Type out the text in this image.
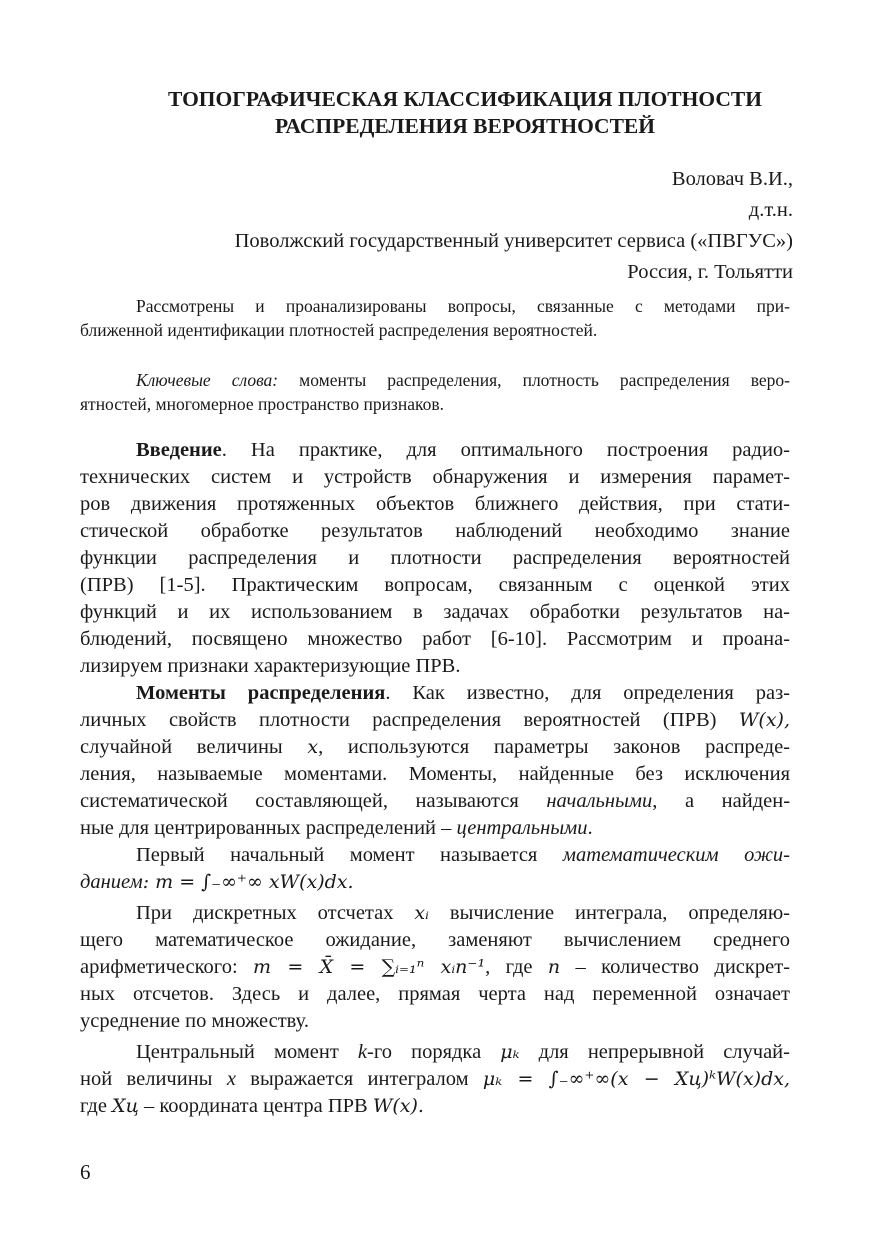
ТОПОГРАФИЧЕСКАЯ КЛАССИФИКАЦИЯ ПЛОТНОСТИ
РАСПРЕДЕЛЕНИЯ ВЕРОЯТНОСТЕЙ
Воловач В.И.,
д.т.н.
Поволжский государственный университет сервиса («ПВГУС»)
Россия, г. Тольятти
Рассмотрены и проанализированы вопросы, связанные с методами при-
ближенной идентификации плотностей распределения вероятностей.
Ключевые слова: моменты распределения, плотность распределения веро-
ятностей, многомерное пространство признаков.
Введение. На практике, для оптимального построения радио-
технических систем и устройств обнаружения и измерения парамет-
ров движения протяженных объектов ближнего действия, при стати-
стической обработке результатов наблюдений необходимо знание
функции распределения и плотности распределения вероятностей
(ПРВ) [1-5]. Практическим вопросам, связанным с оценкой этих
функций и их использованием в задачах обработки результатов на-
блюдений, посвящено множество работ [6-10]. Рассмотрим и проана-
лизируем признаки характеризующие ПРВ.
Моменты распределения. Как известно, для определения раз-
личных свойств плотности распределения вероятностей (ПРВ) W(x),
случайной величины x, используются параметры законов распреде-
ления, называемые моментами. Моменты, найденные без исключения
систематической составляющей, называются начальными, а найден-
ные для центрированных распределений – центральными.
Первый начальный момент называется математическим ожи-
данием: m = ∫₋∞⁺∞ xW(x)dx.
При дискретных отсчетах xᵢ вычисление интеграла, определяю-
щего математическое ожидание, заменяют вычислением среднего
арифметического: m = X̄ = ∑ᵢ₌₁ⁿ xᵢn⁻¹, где n – количество дискрет-
ных отсчетов. Здесь и далее, прямая черта над переменной означает
усреднение по множеству.
Центральный момент k-го порядка μₖ для непрерывной случай-
ной величины x выражается интегралом μₖ = ∫₋∞⁺∞(x − Xц)ᵏW(x)dx,
где Xц – координата центра ПРВ W(x).
6
